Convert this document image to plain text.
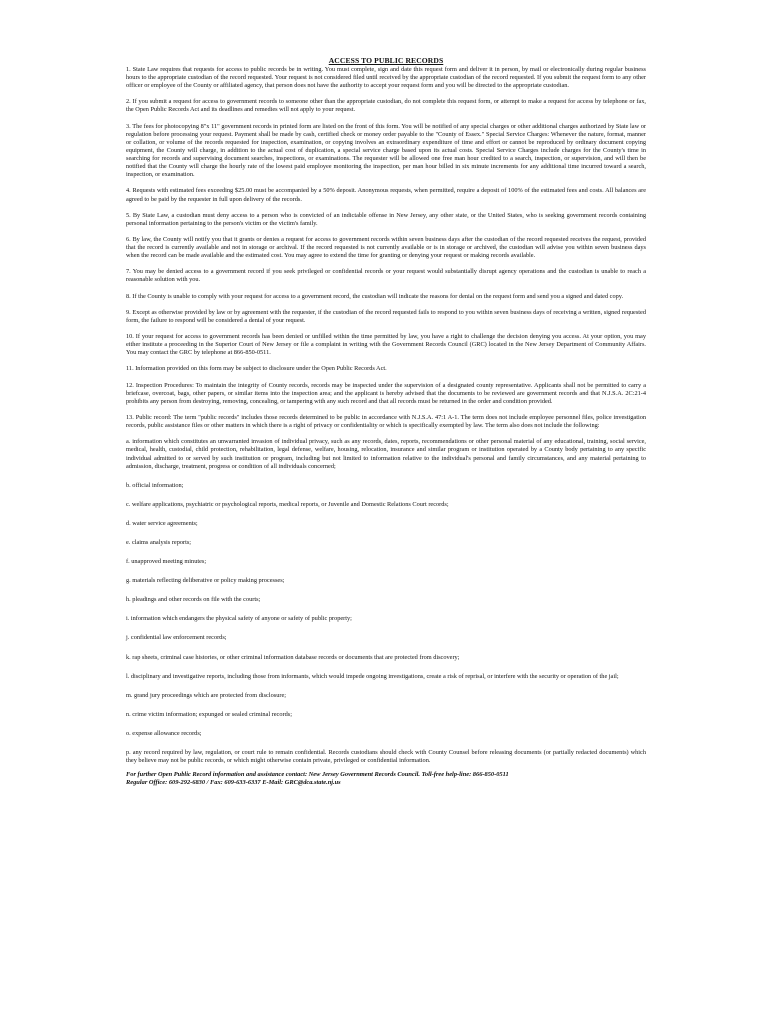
ACCESS TO PUBLIC RECORDS
1. State Law requires that requests for access to public records be in writing. You must complete, sign and date this request form and deliver it in person, by mail or electronically during regular business hours to the appropriate custodian of the record requested. Your request is not considered filed until received by the appropriate custodian of the record requested. If you submit the request form to any other officer or employee of the County or affiliated agency, that person does not have the authority to accept your request form and you will be directed to the appropriate custodian.
2. If you submit a request for access to government records to someone other than the appropriate custodian, do not complete this request form, or attempt to make a request for access by telephone or fax, the Open Public Records Act and its deadlines and remedies will not apply to your request.
3. The fees for photocopying 8"x 11" government records in printed form are listed on the front of this form. You will be notified of any special charges or other additional charges authorized by State law or regulation before processing your request. Payment shall be made by cash, certified check or money order payable to the "County of Essex." Special Service Charges: Whenever the nature, format, manner or collation, or volume of the records requested for inspection, examination, or copying involves an extraordinary expenditure of time and effort or cannot be reproduced by ordinary document copying equipment, the County will charge, in addition to the actual cost of duplication, a special service charge based upon its actual costs. Special Service Charges include charges for the County's time in searching for records and supervising document searches, inspections, or examinations. The requester will be allowed one free man hour credited to a search, inspection, or supervision, and will then be notified that the County will charge the hourly rate of the lowest paid employee monitoring the inspection, per man hour billed in six minute increments for any additional time incurred toward a search, inspection, or examination.
4. Requests with estimated fees exceeding $25.00 must be accompanied by a 50% deposit. Anonymous requests, when permitted, require a deposit of 100% of the estimated fees and costs. All balances are agreed to be paid by the requester in full upon delivery of the records.
5. By State Law, a custodian must deny access to a person who is convicted of an indictable offense in New Jersey, any other state, or the United States, who is seeking government records containing personal information pertaining to the person's victim or the victim's family.
6. By law, the County will notify you that it grants or denies a request for access to government records within seven business days after the custodian of the record requested receives the request, provided that the record is currently available and not in storage or archival. If the record requested is not currently available or is in storage or archived, the custodian will advise you within seven business days when the record can be made available and the estimated cost. You may agree to extend the time for granting or denying your request or making records available.
7. You may be denied access to a government record if you seek privileged or confidential records or your request would substantially disrupt agency operations and the custodian is unable to reach a reasonable solution with you.
8. If the County is unable to comply with your request for access to a government record, the custodian will indicate the reasons for denial on the request form and send you a signed and dated copy.
9. Except as otherwise provided by law or by agreement with the requester, if the custodian of the record requested fails to respond to you within seven business days of receiving a written, signed requested form, the failure to respond will be considered a denial of your request.
10. If your request for access to government records has been denied or unfilled within the time permitted by law, you have a right to challenge the decision denying you access. At your option, you may either institute a proceeding in the Superior Court of New Jersey or file a complaint in writing with the Government Records Council (GRC) located in the New Jersey Department of Community Affairs. You may contact the GRC by telephone at 866-850-0511.
11. Information provided on this form may be subject to disclosure under the Open Public Records Act.
12. Inspection Procedures: To maintain the integrity of County records, records may be inspected under the supervision of a designated county representative. Applicants shall not be permitted to carry a briefcase, overcoat, bags, other papers, or similar items into the inspection area; and the applicant is hereby advised that the documents to be reviewed are government records and that N.J.S.A. 2C:21-4 prohibits any person from destroying, removing, concealing, or tampering with any such record and that all records must be returned in the order and condition provided.
13. Public record: The term "public records" includes those records determined to be public in accordance with N.J.S.A. 47:1 A-1. The term does not include employee personnel files, police investigation records, public assistance files or other matters in which there is a right of privacy or confidentiality or which is specifically exempted by law. The term also does not include the following:
a. information which constitutes an unwarranted invasion of individual privacy, such as any records, dates, reports, recommendations or other personal material of any educational, training, social service, medical, health, custodial, child protection, rehabilitation, legal defense, welfare, housing, relocation, insurance and similar program or institution operated by a County body pertaining to any specific individual admitted to or served by such institution or program, including but not limited to information relative to the individual's personal and family circumstances, and any material pertaining to admission, discharge, treatment, progress or condition of all individuals concerned;
b. official information;
c. welfare applications, psychiatric or psychological reports, medical reports, or Juvenile and Domestic Relations Court records;
d. water service agreements;
e. claims analysis reports;
f. unapproved meeting minutes;
g. materials reflecting deliberative or policy making processes;
h. pleadings and other records on file with the courts;
i. information which endangers the physical safety of anyone or safety of public property;
j. confidential law enforcement records;
k. rap sheets, criminal case histories, or other criminal information database records or documents that are protected from discovery;
l. disciplinary and investigative reports, including those from informants, which would impede ongoing investigations, create a risk of reprisal, or interfere with the security or operation of the jail;
m. grand jury proceedings which are protected from disclosure;
n. crime victim information; expunged or sealed criminal records;
o. expense allowance records;
p. any record required by law, regulation, or court rule to remain confidential. Records custodians should check with County Counsel before releasing documents (or partially redacted documents) which they believe may not be public records, or which might otherwise contain private, privileged or confidential information.
For further Open Public Record information and assistance contact: New Jersey Government Records Council. Toll-free help-line: 866-850-0511
Regular Office: 609-292-6830 / Fax: 609-633-6337 E-Mail: GRC@dca.state.nj.us
